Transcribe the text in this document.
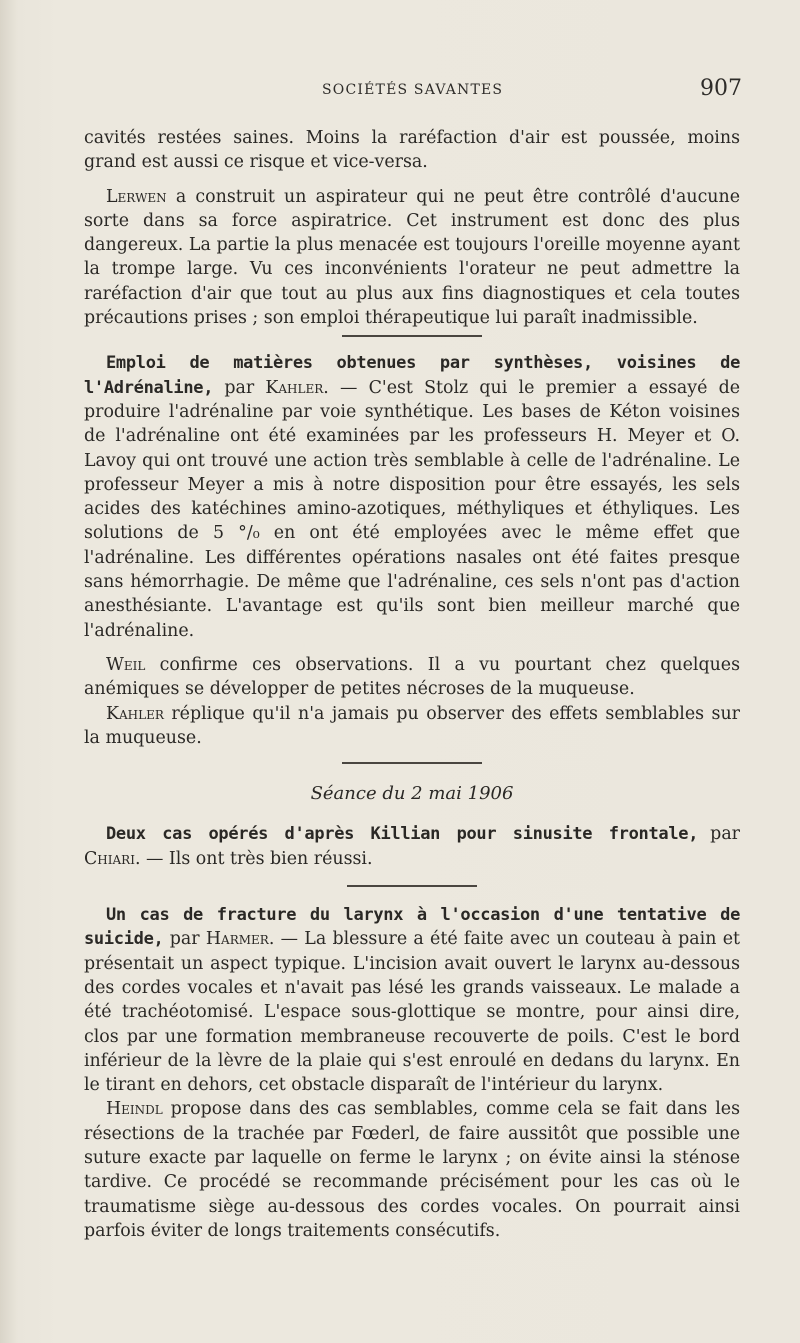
SOCIÉTÉS SAVANTES	907

cavités restées saines. Moins la raréfaction d'air est poussée, moins grand est aussi ce risque et vice-versa.

Lerwen a construit un aspirateur qui ne peut être contrôlé d'aucune sorte dans sa force aspiratrice. Cet instrument est donc des plus dangereux. La partie la plus menacée est toujours l'oreille moyenne ayant la trompe large. Vu ces inconvénients l'orateur ne peut admettre la raréfaction d'air que tout au plus aux fins diagnostiques et cela toutes précautions prises ; son emploi thérapeutique lui paraît inadmissible.

Emploi de matières obtenues par synthèses, voisines de l'Adrénaline, par Kahler. — C'est Stolz qui le premier a essayé de produire l'adrénaline par voie synthétique. Les bases de Kéton voisines de l'adrénaline ont été examinées par les professeurs H. Meyer et O. Lavoy qui ont trouvé une action très semblable à celle de l'adrénaline. Le professeur Meyer a mis à notre disposition pour être essayés, les sels acides des katéchines amino-azotiques, méthyliques et éthyliques. Les solutions de 5 °/₀ en ont été employées avec le même effet que l'adrénaline. Les différentes opérations nasales ont été faites presque sans hémorrhagie. De même que l'adrénaline, ces sels n'ont pas d'action anesthésiante. L'avantage est qu'ils sont bien meilleur marché que l'adrénaline.

Weil confirme ces observations. Il a vu pourtant chez quelques anémiques se développer de petites nécroses de la muqueuse.

Kahler réplique qu'il n'a jamais pu observer des effets semblables sur la muqueuse.

Séance du 2 mai 1906

Deux cas opérés d'après Killian pour sinusite frontale, par Chiari. — Ils ont très bien réussi.

Un cas de fracture du larynx à l'occasion d'une tentative de suicide, par Harmer. — La blessure a été faite avec un couteau à pain et présentait un aspect typique. L'incision avait ouvert le larynx au-dessous des cordes vocales et n'avait pas lésé les grands vaisseaux. Le malade a été trachéotomisé. L'espace sous-glottique se montre, pour ainsi dire, clos par une formation membraneuse recouverte de poils. C'est le bord inférieur de la lèvre de la plaie qui s'est enroulé en dedans du larynx. En le tirant en dehors, cet obstacle disparaît de l'intérieur du larynx.

Heindl propose dans des cas semblables, comme cela se fait dans les résections de la trachée par Fœderl, de faire aussitôt que possible une suture exacte par laquelle on ferme le larynx ; on évite ainsi la sténose tardive. Ce procédé se recommande précisément pour les cas où le traumatisme siège au-dessous des cordes vocales. On pourrait ainsi parfois éviter de longs traitements consécutifs.
